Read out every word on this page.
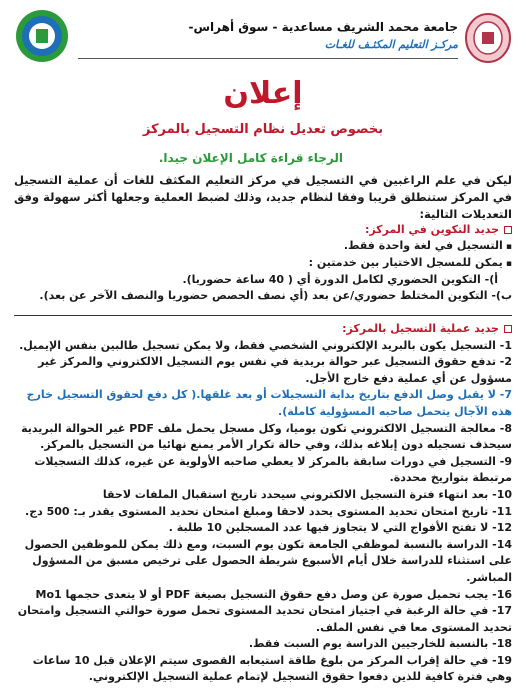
جامعة محمد الشريف مساعدية - سوق أهراس-
مركـز التعليم المكثـف للغـات
إعلان
بخصوص تعديل نظام التسجيل بالمركز
الرجاء قراءة كامل الإعلان جيدا.
ليكن في علم الراغبين في التسجيل في مركز التعليم المكثف للغات أن عملية التسجيل في المركز ستنطلق قريبا وفقا لنظام جديد، وذلك لضبط العملية وجعلها أكثر سهولة وفق التعديلات التالية:
جديد التكوين في المركز:
▪ التسجيل في لغة واحدة فقط.
▪ يمكن للمسجل الاختيار بين خدمتين :
أ)- التكوين الحضوري لكامل الدورة أي ( 40 ساعة حضوريا).
ب)- التكوين المختلط حضوري/عن بعد (أي نصف الحصص حضوريا والنصف الآخر عن بعد).
جديد عملية التسجيل بالمركز:
1- التسجيل يكون بالبريد الإلكتروني الشخصي فقط، ولا يمكن تسجيل طالبين بنفس الإيميل.
2- تدفع حقوق التسجيل عبر حوالة بريدية في نفس يوم التسجيل الالكتروني والمركز غير مسؤول عن أي عملية دفع خارج الأجل.
7- لا يقبل وصل الدفع بتاريخ بداية التسجيلات أو بعد غلقها.( كل دفع لحقوق التسجيل خارج هذه الآجال يتحمل صاحبه المسؤولية كاملة).
8- معالجة التسجيل الالكتروني تكون يوميا، وكل مسجل يحمل ملف PDF غير الحوالة البريدية سيحذف تسجيله دون إبلاغه بذلك، وفي حالة تكرار الأمر يمنع نهائيا من التسجيل بالمركز.
9- التسجيل في دورات سابقة بالمركز لا يعطي صاحبه الأولوية عن غيره، كذلك التسجيلات مرتبطة بتواريخ محددة.
10- بعد انتهاء فترة التسجيل الالكتروني سيحدد تاريخ استقبال الملفات لاحقا
11- تاريخ امتحان تحديد المستوى يحدد لاحقا ومبلغ امتحان تحديد المستوى يقدر بـ: 500 دج.
12- لا تفتح الأفواج التي لا يتجاوز فيها عدد المسجلين 10 طلبة .
14- الدراسة بالنسبة لموظفي الجامعة تكون يوم السبت، ومع ذلك يمكن للموظفين الحصول على استثناء للدراسة خلال أيام الأسبوع شريطة الحصول على ترخيص مسبق من المسؤول المباشر.
16- يجب تحميل صورة عن وصل دفع حقوق التسجيل بصيغة PDF أو لا يتعدى حجمها Mo1
17- في حالة الرغبة في اجتياز امتحان تحديد المستوى تحمل صورة حوالتي التسجيل وامتحان تحديد المستوى معا في نفس الملف.
18- بالنسبة للخارجيين الدراسة يوم السبت فقط.
19- في حالة إقراب المركز من بلوغ طاقة استيعابه القصوى سيتم الإعلان قبل 10 ساعات وهي فترة كافية للذين دفعوا حقوق التسجيل لإتمام عملية التسجيل الإلكتروني.
